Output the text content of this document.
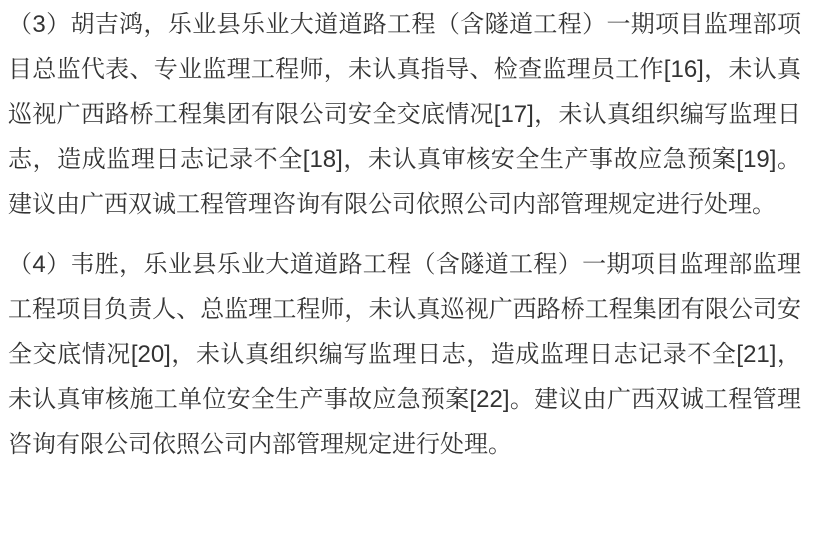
（3）胡吉鸿，乐业县乐业大道道路工程（含隧道工程）一期项目监理部项目总监代表、专业监理工程师，未认真指导、检查监理员工作[16]，未认真巡视广西路桥工程集团有限公司安全交底情况[17]，未认真组织编写监理日志，造成监理日志记录不全[18]，未认真审核安全生产事故应急预案[19]。建议由广西双诚工程管理咨询有限公司依照公司内部管理规定进行处理。

（4）韦胜，乐业县乐业大道道路工程（含隧道工程）一期项目监理部监理工程项目负责人、总监理工程师，未认真巡视广西路桥工程集团有限公司安全交底情况[20]，未认真组织编写监理日志，造成监理日志记录不全[21]，未认真审核施工单位安全生产事故应急预案[22]。建议由广西双诚工程管理咨询有限公司依照公司内部管理规定进行处理。
